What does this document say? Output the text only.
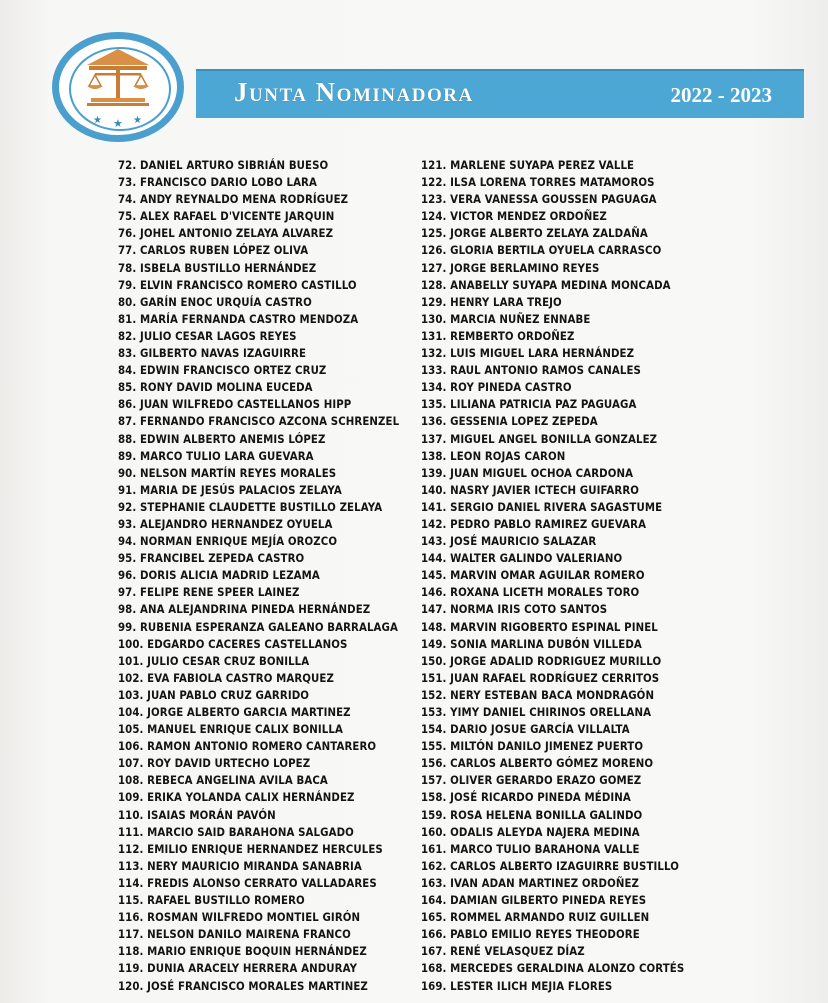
★ ★ ★
Junta Nominadora	2022 - 2023
72. DANIEL ARTURO SIBRIÁN BUESO
73. FRANCISCO DARIO LOBO LARA
74. ANDY REYNALDO MENA RODRÍGUEZ
75. ALEX RAFAEL D'VICENTE JARQUIN
76. JOHEL ANTONIO ZELAYA ALVAREZ
77. CARLOS RUBEN LÓPEZ OLIVA
78. ISBELA BUSTILLO HERNÁNDEZ
79. ELVIN FRANCISCO ROMERO CASTILLO
80. GARÍN ENOC URQUÍA CASTRO
81. MARÍA FERNANDA CASTRO MENDOZA
82. JULIO CESAR LAGOS REYES
83. GILBERTO NAVAS IZAGUIRRE
84. EDWIN FRANCISCO ORTEZ CRUZ
85. RONY DAVID MOLINA EUCEDA
86. JUAN WILFREDO CASTELLANOS HIPP
87. FERNANDO FRANCISCO AZCONA SCHRENZEL
88. EDWIN ALBERTO ANEMIS LÓPEZ
89. MARCO TULIO LARA GUEVARA
90. NELSON MARTÍN REYES MORALES
91. MARIA DE JESÚS PALACIOS ZELAYA
92. STEPHANIE CLAUDETTE BUSTILLO ZELAYA
93. ALEJANDRO HERNANDEZ OYUELA
94. NORMAN ENRIQUE MEJÍA OROZCO
95. FRANCIBEL ZEPEDA CASTRO
96. DORIS ALICIA MADRID LEZAMA
97. FELIPE RENE SPEER LAINEZ
98. ANA ALEJANDRINA PINEDA HERNÁNDEZ
99. RUBENIA ESPERANZA GALEANO BARRALAGA
100. EDGARDO CACERES CASTELLANOS
101. JULIO CESAR CRUZ BONILLA
102. EVA FABIOLA CASTRO MARQUEZ
103. JUAN PABLO CRUZ GARRIDO
104. JORGE ALBERTO GARCIA MARTINEZ
105. MANUEL ENRIQUE CALIX BONILLA
106. RAMON ANTONIO ROMERO CANTARERO
107. ROY DAVID URTECHO LOPEZ
108. REBECA ANGELINA AVILA BACA
109. ERIKA YOLANDA CALIX HERNÁNDEZ
110. ISAIAS MORÁN PAVÓN
111. MARCIO SAID BARAHONA SALGADO
112. EMILIO ENRIQUE HERNANDEZ HERCULES
113. NERY MAURICIO MIRANDA SANABRIA
114. FREDIS ALONSO CERRATO VALLADARES
115. RAFAEL BUSTILLO ROMERO
116. ROSMAN WILFREDO MONTIEL GIRÓN
117. NELSON DANILO MAIRENA FRANCO
118. MARIO ENRIQUE BOQUIN HERNÁNDEZ
119. DUNIA ARACELY HERRERA ANDURAY
120. JOSÉ FRANCISCO MORALES MARTINEZ
121. MARLENE SUYAPA PEREZ VALLE
122. ILSA LORENA TORRES MATAMOROS
123. VERA VANESSA GOUSSEN PAGUAGA
124. VICTOR MENDEZ ORDOÑEZ
125. JORGE ALBERTO ZELAYA ZALDAÑA
126. GLORIA BERTILA OYUELA CARRASCO
127. JORGE BERLAMINO REYES
128. ANABELLY SUYAPA MEDINA MONCADA
129. HENRY LARA TREJO
130. MARCIA NUÑEZ ENNABE
131. REMBERTO ORDOÑEZ
132. LUIS MIGUEL LARA HERNÁNDEZ
133. RAUL ANTONIO RAMOS CANALES
134. ROY PINEDA CASTRO
135. LILIANA PATRICIA PAZ PAGUAGA
136. GESSENIA LOPEZ ZEPEDA
137. MIGUEL ANGEL BONILLA GONZALEZ
138. LEON ROJAS CARON
139. JUAN MIGUEL OCHOA CARDONA
140. NASRY JAVIER ICTECH GUIFARRO
141. SERGIO DANIEL RIVERA SAGASTUME
142. PEDRO PABLO RAMIREZ GUEVARA
143. JOSÉ MAURICIO SALAZAR
144. WALTER GALINDO VALERIANO
145. MARVIN OMAR AGUILAR ROMERO
146. ROXANA LICETH MORALES TORO
147. NORMA IRIS COTO SANTOS
148. MARVIN RIGOBERTO ESPINAL PINEL
149. SONIA MARLINA DUBÓN VILLEDA
150. JORGE ADALID RODRIGUEZ MURILLO
151. JUAN RAFAEL RODRÍGUEZ CERRITOS
152. NERY ESTEBAN BACA MONDRAGÓN
153. YIMY DANIEL CHIRINOS ORELLANA
154. DARIO JOSUE GARCÍA VILLALTA
155. MILTÓN DANILO JIMENEZ PUERTO
156. CARLOS ALBERTO GÓMEZ MORENO
157. OLIVER GERARDO ERAZO GOMEZ
158. JOSÉ RICARDO PINEDA MÉDINA
159. ROSA HELENA BONILLA GALINDO
160. ODALIS ALEYDA NAJERA MEDINA
161. MARCO TULIO BARAHONA VALLE
162. CARLOS ALBERTO IZAGUIRRE BUSTILLO
163. IVAN ADAN MARTINEZ ORDOÑEZ
164. DAMIAN GILBERTO PINEDA REYES
165. ROMMEL ARMANDO RUIZ GUILLEN
166. PABLO EMILIO REYES THEODORE
167. RENÉ VELASQUEZ DÍAZ
168. MERCEDES GERALDINA ALONZO CORTÉS
169. LESTER ILICH MEJIA FLORES
